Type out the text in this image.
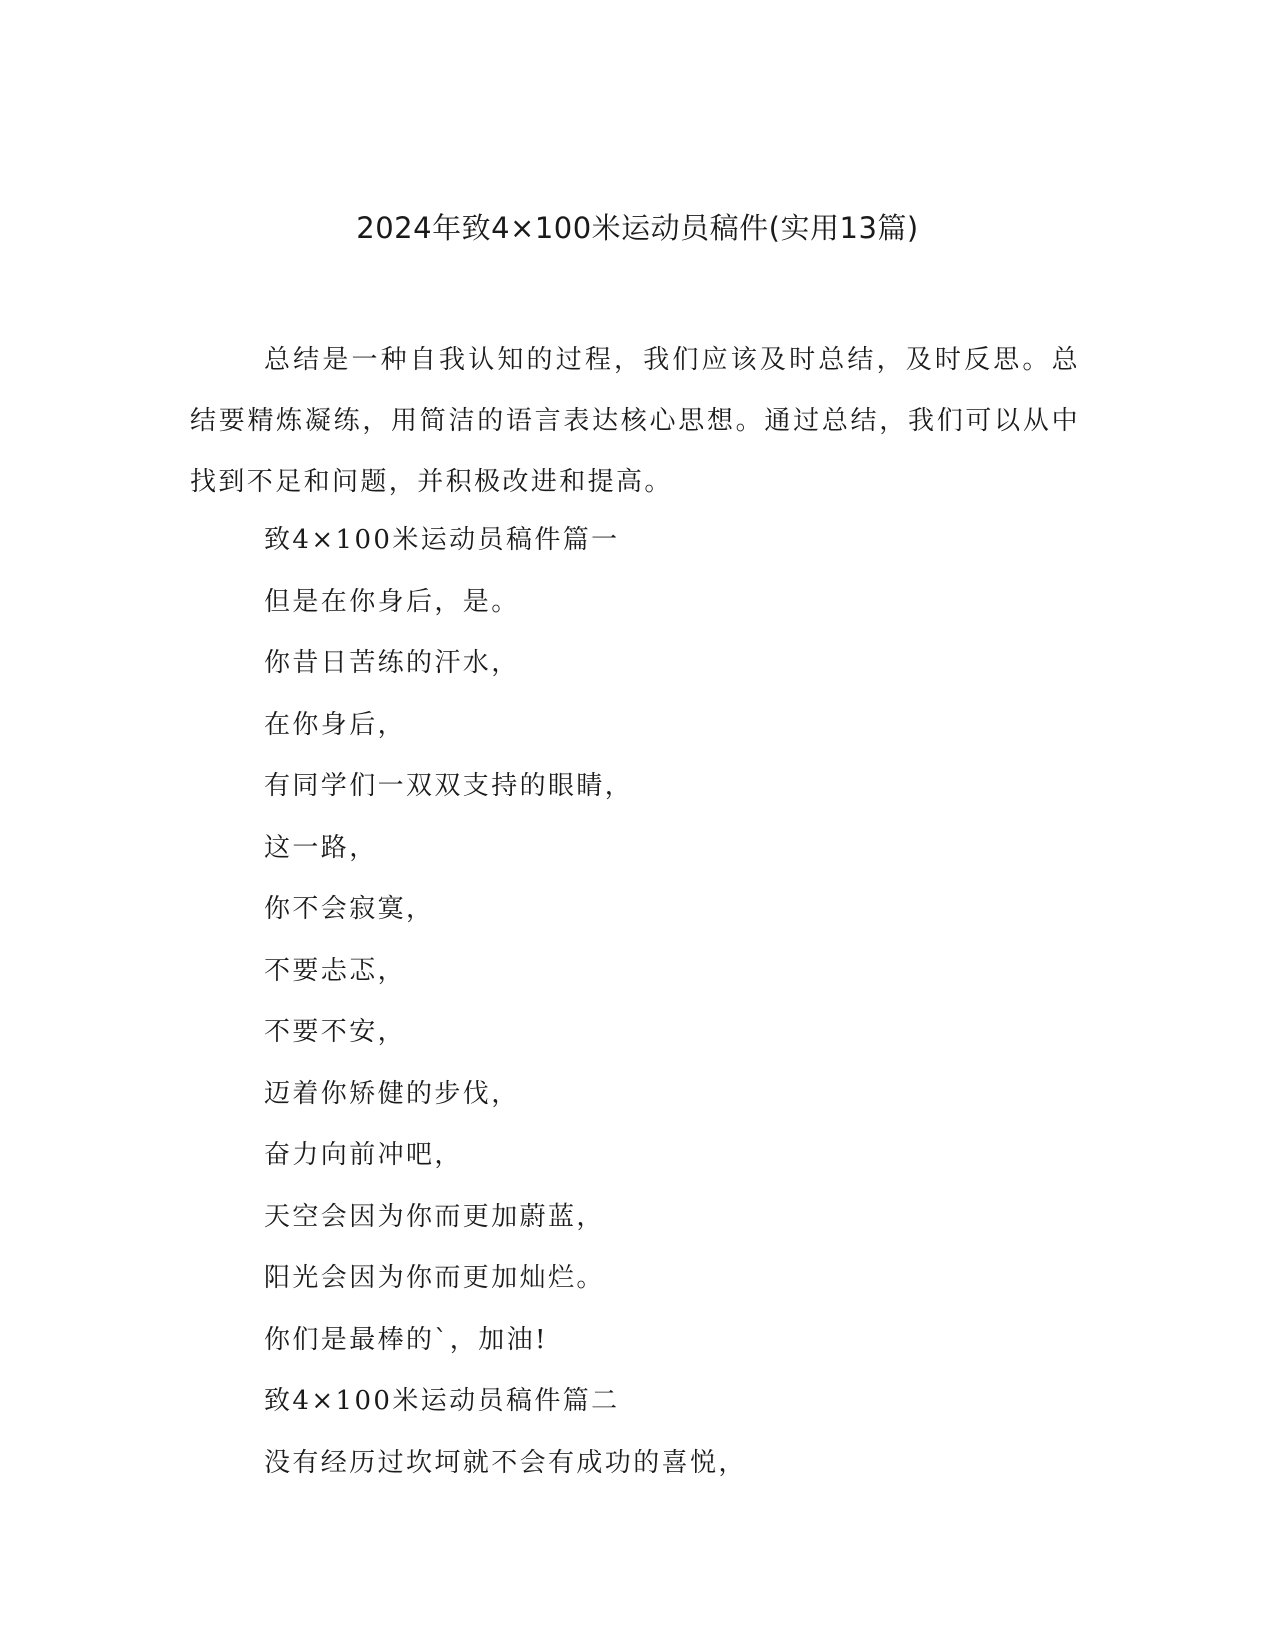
2024年致4×100米运动员稿件(实用13篇)

总结是一种自我认知的过程，我们应该及时总结，及时反思。总结要精炼凝练，用简洁的语言表达核心思想。通过总结，我们可以从中找到不足和问题，并积极改进和提高。

致4×100米运动员稿件篇一
但是在你身后，是。
你昔日苦练的汗水，
在你身后，
有同学们一双双支持的眼睛，
这一路，
你不会寂寞，
不要忐忑，
不要不安，
迈着你矫健的步伐，
奋力向前冲吧，
天空会因为你而更加蔚蓝，
阳光会因为你而更加灿烂。
你们是最棒的`，加油!
致4×100米运动员稿件篇二
没有经历过坎坷就不会有成功的喜悦，
